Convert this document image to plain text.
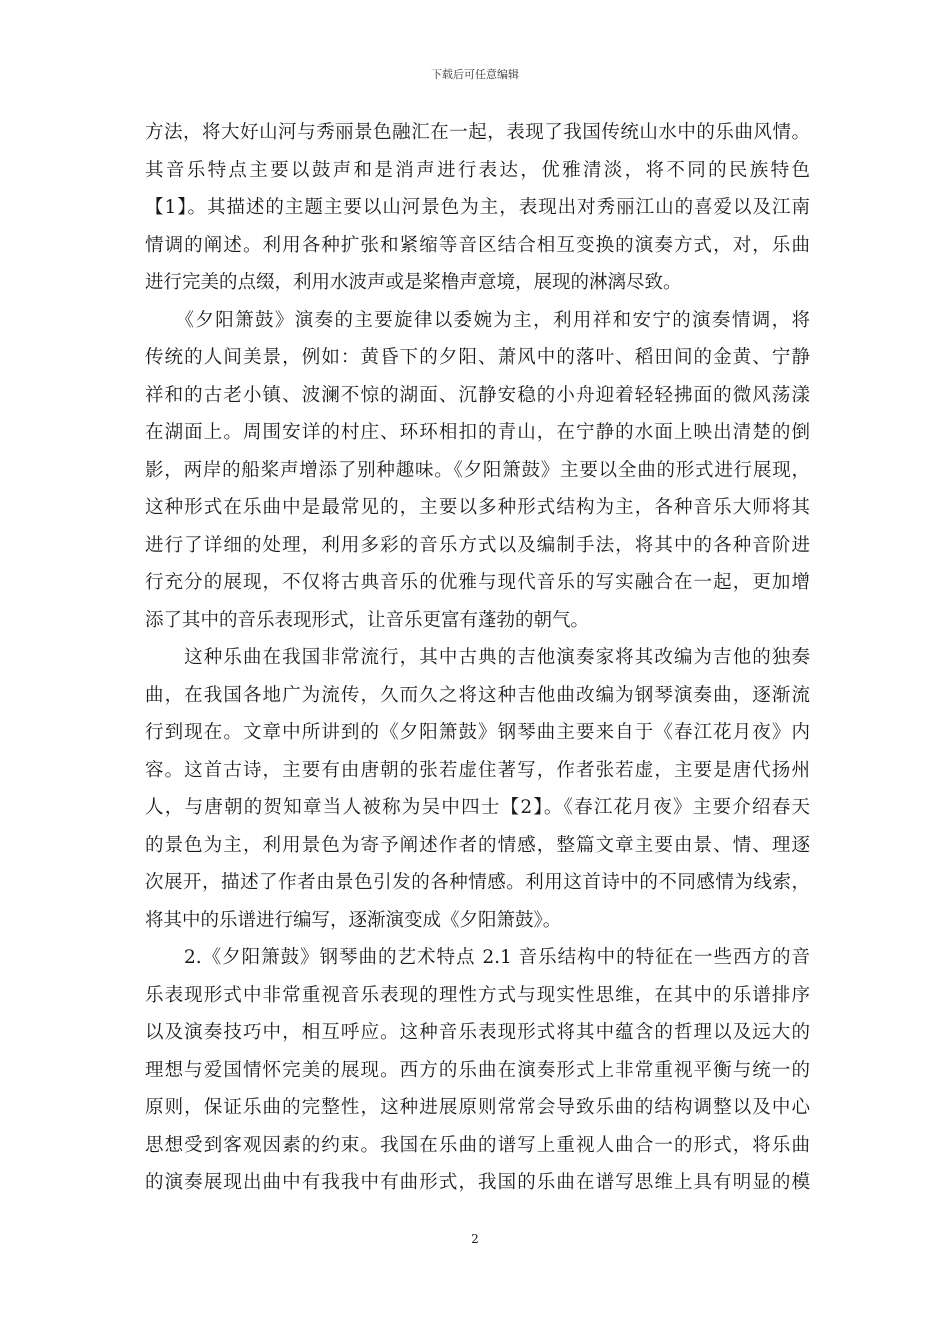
下载后可任意编辑
方法，将大好山河与秀丽景色融汇在一起，表现了我国传统山水中的乐曲风情。
其音乐特点主要以鼓声和是消声进行表达，优雅清淡，将不同的民族特色
【1】。其描述的主题主要以山河景色为主，表现出对秀丽江山的喜爱以及江南
情调的阐述。利用各种扩张和紧缩等音区结合相互变换的演奏方式，对，乐曲
进行完美的点缀，利用水波声或是桨橹声意境，展现的淋漓尽致。
　　《夕阳箫鼓》演奏的主要旋律以委婉为主，利用祥和安宁的演奏情调，将
传统的人间美景，例如：黄昏下的夕阳、萧风中的落叶、稻田间的金黄、宁静
祥和的古老小镇、波澜不惊的湖面、沉静安稳的小舟迎着轻轻拂面的微风荡漾
在湖面上。周围安详的村庄、环环相扣的青山，在宁静的水面上映出清楚的倒
影，两岸的船桨声增添了别种趣味。《夕阳箫鼓》主要以全曲的形式进行展现，
这种形式在乐曲中是最常见的，主要以多种形式结构为主，各种音乐大师将其
进行了详细的处理，利用多彩的音乐方式以及编制手法，将其中的各种音阶进
行充分的展现，不仅将古典音乐的优雅与现代音乐的写实融合在一起，更加增
添了其中的音乐表现形式，让音乐更富有蓬勃的朝气。
　　这种乐曲在我国非常流行，其中古典的吉他演奏家将其改编为吉他的独奏
曲，在我国各地广为流传，久而久之将这种吉他曲改编为钢琴演奏曲，逐渐流
行到现在。文章中所讲到的《夕阳箫鼓》钢琴曲主要来自于《春江花月夜》内
容。这首古诗，主要有由唐朝的张若虚住著写，作者张若虚，主要是唐代扬州
人，与唐朝的贺知章当人被称为吴中四士【2】。《春江花月夜》主要介绍春天
的景色为主，利用景色为寄予阐述作者的情感，整篇文章主要由景、情、理逐
次展开，描述了作者由景色引发的各种情感。利用这首诗中的不同感情为线索，
将其中的乐谱进行编写，逐渐演变成《夕阳箫鼓》。
　　2.《夕阳箫鼓》钢琴曲的艺术特点 2.1 音乐结构中的特征在一些西方的音
乐表现形式中非常重视音乐表现的理性方式与现实性思维，在其中的乐谱排序
以及演奏技巧中，相互呼应。这种音乐表现形式将其中蕴含的哲理以及远大的
理想与爱国情怀完美的展现。西方的乐曲在演奏形式上非常重视平衡与统一的
原则，保证乐曲的完整性，这种进展原则常常会导致乐曲的结构调整以及中心
思想受到客观因素的约束。我国在乐曲的谱写上重视人曲合一的形式，将乐曲
的演奏展现出曲中有我我中有曲形式，我国的乐曲在谱写思维上具有明显的模
2
